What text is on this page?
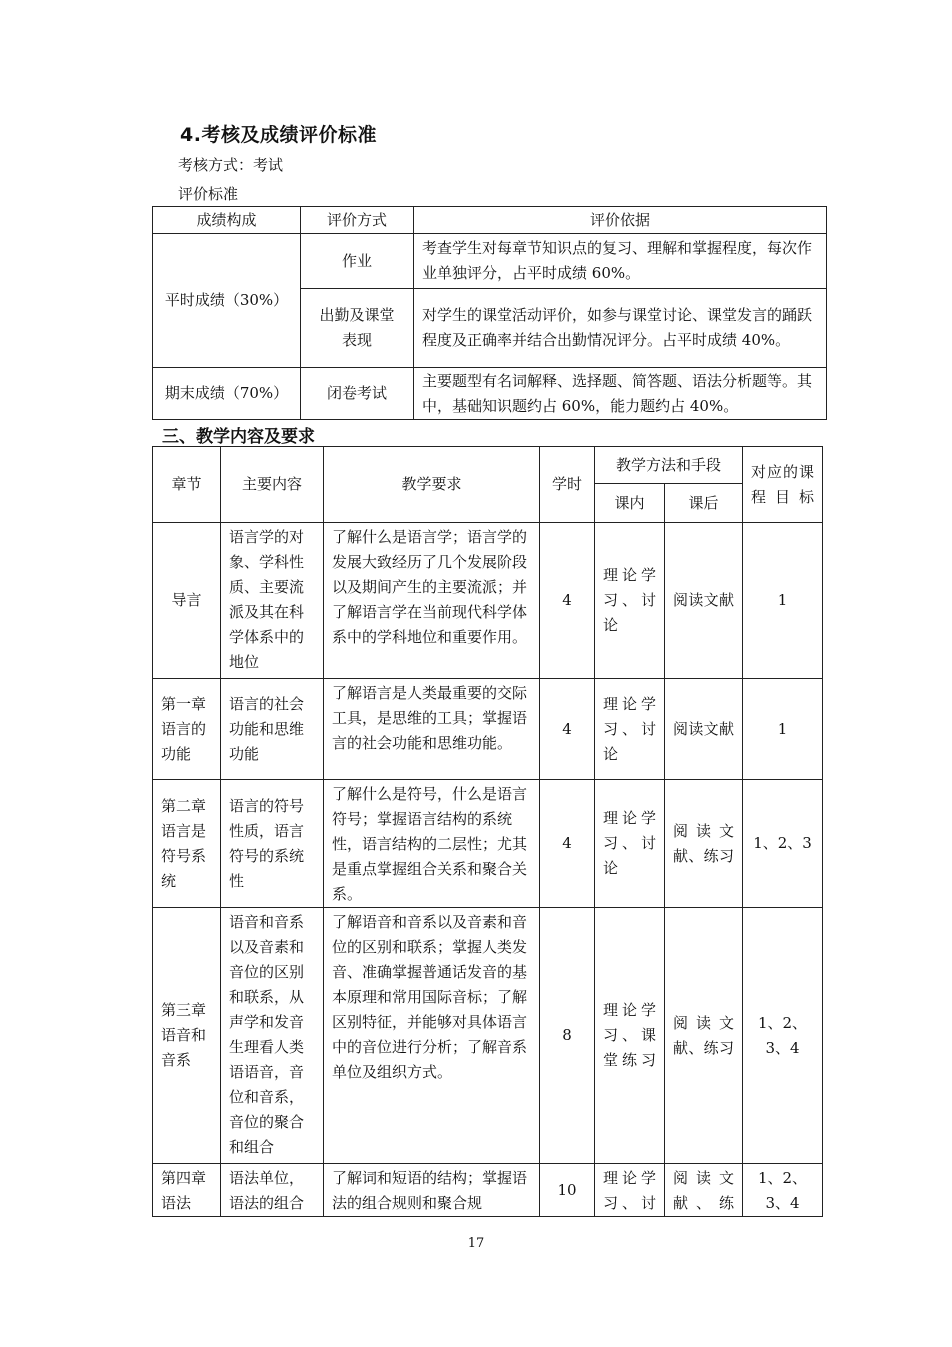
4.考核及成绩评价标准
考核方式：考试
评价标准
成绩构成	评价方式	评价依据
平时成绩（30%）	作业	考查学生对每章节知识点的复习、理解和掌握程度，每次作业单独评分，占平时成绩 60%。
	出勤及课堂表现	对学生的课堂活动评价，如参与课堂讨论、课堂发言的踊跃程度及正确率并结合出勤情况评分。占平时成绩 40%。
期末成绩（70%）	闭卷考试	主要题型有名词解释、选择题、简答题、语法分析题等。其中，基础知识题约占 60%，能力题约占 40%。
三、教学内容及要求
章节	主要内容	教学要求	学时	教学方法和手段		对应的课程目标
				课内	课后	
导言	语言学的对象、学科性质、主要流派及其在科学体系中的地位	了解什么是语言学；语言学的发展大致经历了几个发展阶段以及期间产生的主要流派；并了解语言学在当前现代科学体系中的学科地位和重要作用。	4	理论学习、讨论	阅读文献	1
第一章语言的功能	语言的社会功能和思维功能	了解语言是人类最重要的交际工具，是思维的工具；掌握语言的社会功能和思维功能。	4	理论学习、讨论	阅读文献	1
第二章语言是符号系统	语言的符号性质，语言符号的系统性	了解什么是符号，什么是语言符号；掌握语言结构的系统性，语言结构的二层性；尤其是重点掌握组合关系和聚合关系。	4	理论学习、讨论	阅读文献、练习	1、2、3
第三章语音和音系	语音和音系以及音素和音位的区别和联系，从声学和发音生理看人类语语音，音位和音系，音位的聚合和组合	了解语音和音系以及音素和音位的区别和联系；掌握人类发音、准确掌握普通话发音的基本原理和常用国际音标；了解区别特征，并能够对具体语言中的音位进行分析；了解音系单位及组织方式。	8	理论学习、课堂练习	阅读文献、练习	1、2、3、4
第四章语法	语法单位，语法的组合	了解词和短语的结构；掌握语法的组合规则和聚合规	10	理论学习、讨	阅读文献、练	1、2、3、4
17
